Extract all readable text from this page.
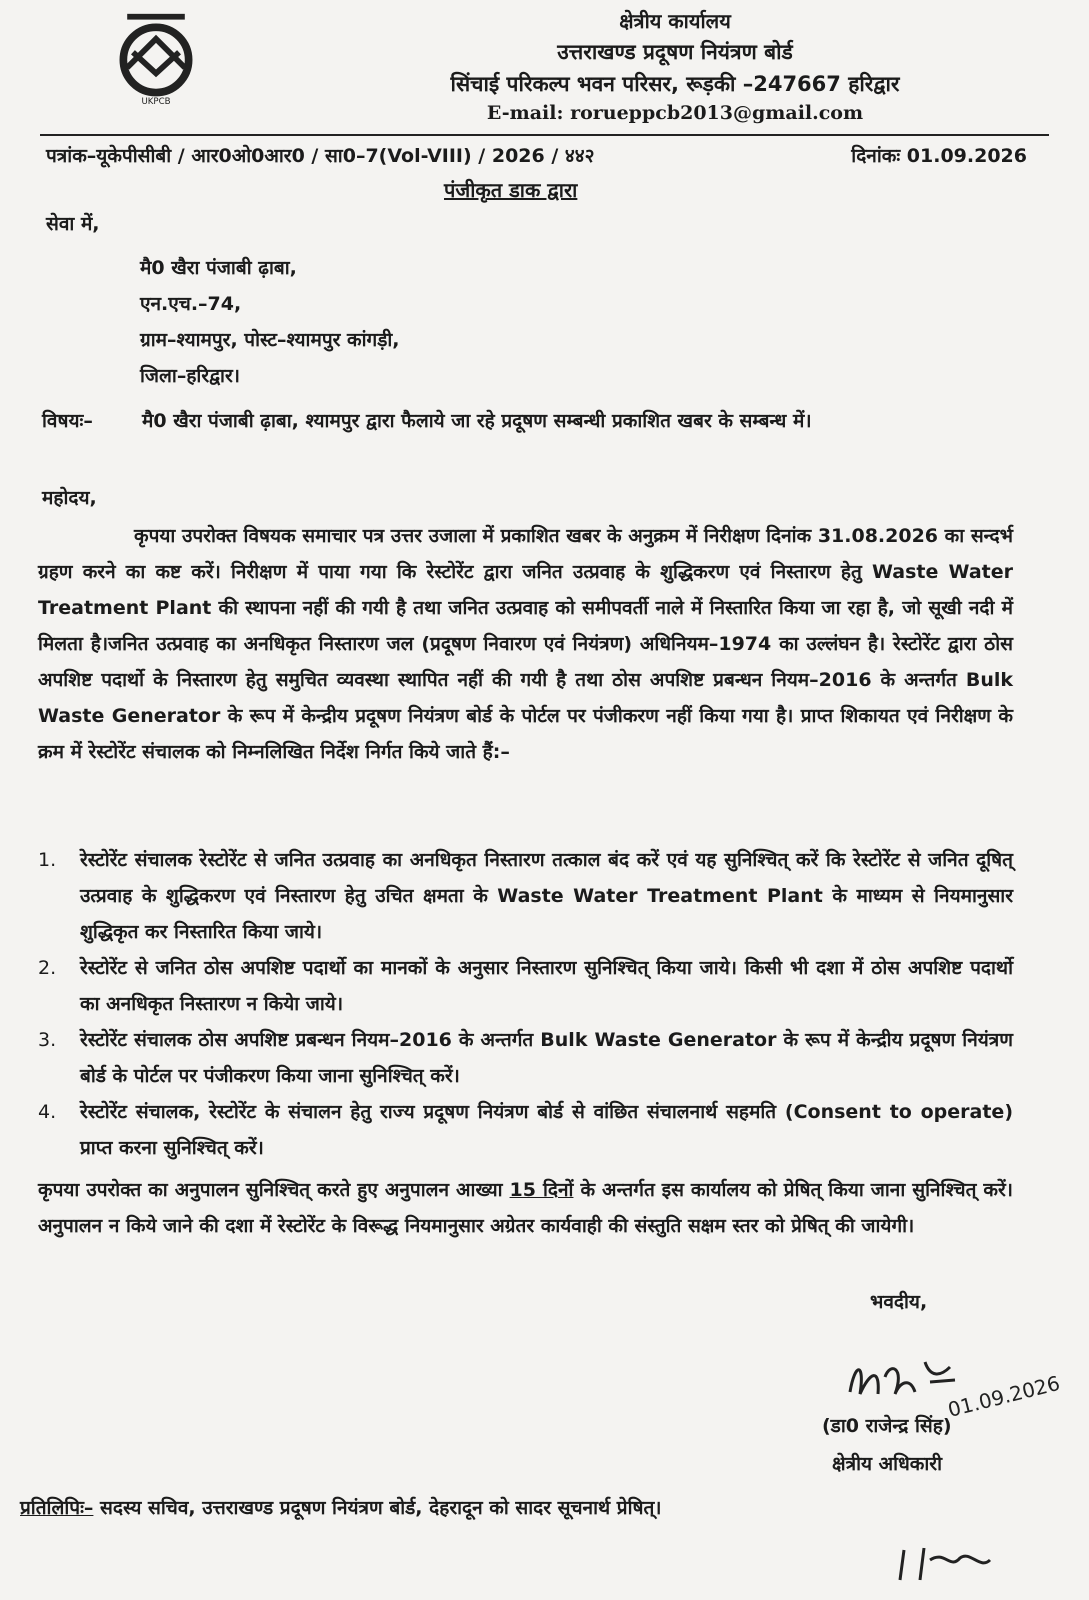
UKPCB
क्षेत्रीय कार्यालय
उत्तराखण्ड प्रदूषण नियंत्रण बोर्ड
सिंचाई परिकल्प भवन परिसर, रूड़की –247667 हरिद्वार
E-mail: roruеppcb2013@gmail.com
पत्रांक–यूकेपीसीबी / आर0ओ0आर0 / सा0–7(Vol-VIII) / 2026 / ४४२	दिनांकः 01.09.2026
पंजीकृत डाक द्वारा
सेवा में,
मै0 खैरा पंजाबी ढ़ाबा,
एन.एच.–74,
ग्राम–श्यामपुर, पोस्ट–श्यामपुर कांगड़ी,
जिला–हरिद्वार।
विषयः–	मै0 खैरा पंजाबी ढ़ाबा, श्यामपुर द्वारा फैलाये जा रहे प्रदूषण सम्बन्धी प्रकाशित खबर के सम्बन्ध में।
महोदय,

कृपया उपरोक्त विषयक समाचार पत्र उत्तर उजाला में प्रकाशित खबर के अनुक्रम में निरीक्षण दिनांक 31.08.2026 का सन्दर्भ ग्रहण करने का कष्ट करें। निरीक्षण में पाया गया कि रेस्टोरेंट द्वारा जनित उत्प्रवाह के शुद्धिकरण एवं निस्तारण हेतु Waste Water Treatment Plant की स्थापना नहीं की गयी है तथा जनित उत्प्रवाह को समीपवर्ती नाले में निस्तारित किया जा रहा है, जो सूखी नदी में मिलता है।जनित उत्प्रवाह का अनधिकृत निस्तारण जल (प्रदूषण निवारण एवं नियंत्रण) अधिनियम–1974 का उल्लंघन है। रेस्टोरेंट द्वारा ठोस अपशिष्ट पदार्थो के निस्तारण हेतु समुचित व्यवस्था स्थापित नहीं की गयी है तथा ठोस अपशिष्ट प्रबन्धन नियम–2016 के अन्तर्गत Bulk Waste Generator के रूप में केन्द्रीय प्रदूषण नियंत्रण बोर्ड के पोर्टल पर पंजीकरण नहीं किया गया है। प्राप्त शिकायत एवं निरीक्षण के क्रम में रेस्टोरेंट संचालक को निम्नलिखित निर्देश निर्गत किये जाते हैं:–

1. रेस्टोरेंट संचालक रेस्टोरेंट से जनित उत्प्रवाह का अनधिकृत निस्तारण तत्काल बंद करें एवं यह सुनिश्चित् करें कि रेस्टोरेंट से जनित दूषित् उत्प्रवाह के शुद्धिकरण एवं निस्तारण हेतु उचित क्षमता के Waste Water Treatment Plant के माध्यम से नियमानुसार शुद्धिकृत कर निस्तारित किया जाये।
2. रेस्टोरेंट से जनित ठोस अपशिष्ट पदार्थो का मानकों के अनुसार निस्तारण सुनिश्चित् किया जाये। किसी भी दशा में ठोस अपशिष्ट पदार्थो का अनधिकृत निस्तारण न कियेा जाये।
3. रेस्टोरेंट संचालक ठोस अपशिष्ट प्रबन्धन नियम–2016 के अन्तर्गत Bulk Waste Generator के रूप में केन्द्रीय प्रदूषण नियंत्रण बोर्ड के पोर्टल पर पंजीकरण किया जाना सुनिश्चित् करें।
4. रेस्टोरेंट संचालक, रेस्टोरेंट के संचालन हेतु राज्य प्रदूषण नियंत्रण बोर्ड से वांछित संचालनार्थ सहमति (Consent to operate) प्राप्त करना सुनिश्चित् करें।
कृपया उपरोक्त का अनुपालन सुनिश्चित् करते हुए अनुपालन आख्या 15 दिनों के अन्तर्गत इस कार्यालय को प्रेषित् किया जाना सुनिश्चित् करें। अनुपालन न किये जाने की दशा में रेस्टोरेंट के विरूद्ध नियमानुसार अग्रेतर कार्यवाही की संस्तुति सक्षम स्तर को प्रेषित् की जायेगी।
भवदीय,
01.09.2026
(डा0 राजेन्द्र सिंह)
क्षेत्रीय अधिकारी
प्रतिलिपिः– सदस्य सचिव, उत्तराखण्ड प्रदूषण नियंत्रण बोर्ड, देहरादून को सादर सूचनार्थ प्रेषित्।
